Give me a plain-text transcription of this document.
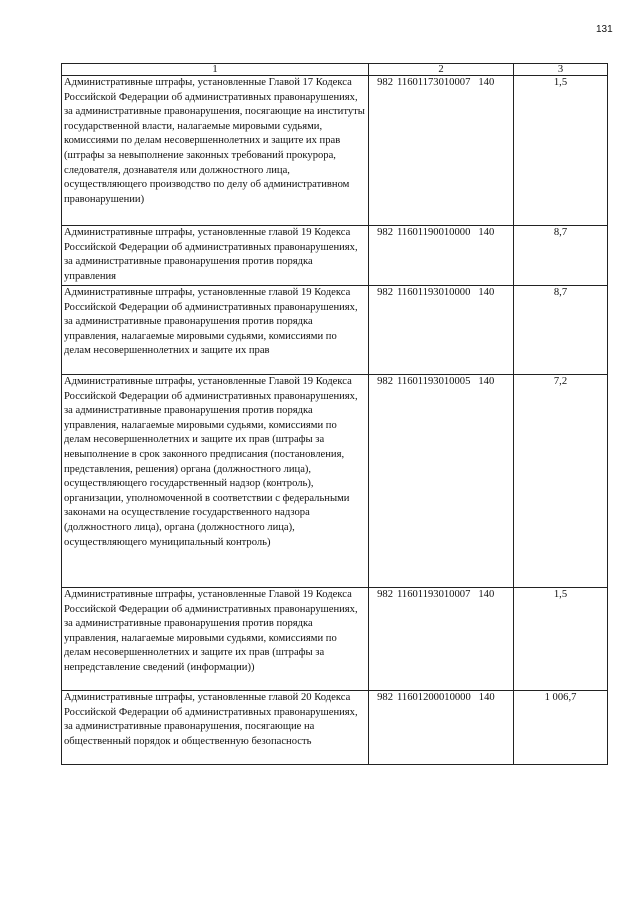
131
1	2	3
Административные штрафы, установленные Главой 17 Кодекса Российской Федерации об административных правонарушениях, за административные правонарушения, посягающие на институты государственной власти, налагаемые мировыми судьями, комиссиями по делам несовершеннолетних и защите их прав (штрафы за невыполнение законных требований прокурора, следователя, дознавателя или должностного лица, осуществляющего производство по делу об административном правонарушении)	982 11601173010007 140	1,5
Административные штрафы, установленные главой 19 Кодекса Российской Федерации об административных правонарушениях, за административные правонарушения против порядка управления	982 11601190010000 140	8,7
Административные штрафы, установленные главой 19 Кодекса Российской Федерации об административных правонарушениях, за административные правонарушения против порядка управления, налагаемые мировыми судьями, комиссиями по делам несовершеннолетних и защите их прав	982 11601193010000 140	8,7
Административные штрафы, установленные Главой 19 Кодекса Российской Федерации об административных правонарушениях, за административные правонарушения против порядка управления, налагаемые мировыми судьями, комиссиями по делам несовершеннолетних и защите их прав (штрафы за невыполнение в срок законного предписания (постановления, представления, решения) органа (должностного лица), осуществляющего государственный надзор (контроль), организации, уполномоченной в соответствии с федеральными законами на осуществление государственного надзора (должностного лица), органа (должностного лица), осуществляющего муниципальный контроль)	982 11601193010005 140	7,2
Административные штрафы, установленные Главой 19 Кодекса Российской Федерации об административных правонарушениях, за административные правонарушения против порядка управления, налагаемые мировыми судьями, комиссиями по делам несовершеннолетних и защите их прав (штрафы за непредставление сведений (информации))	982 11601193010007 140	1,5
Административные штрафы, установленные главой 20 Кодекса Российской Федерации об административных правонарушениях, за административные правонарушения, посягающие на общественный порядок и общественную безопасность	982 11601200010000 140	1 006,7
